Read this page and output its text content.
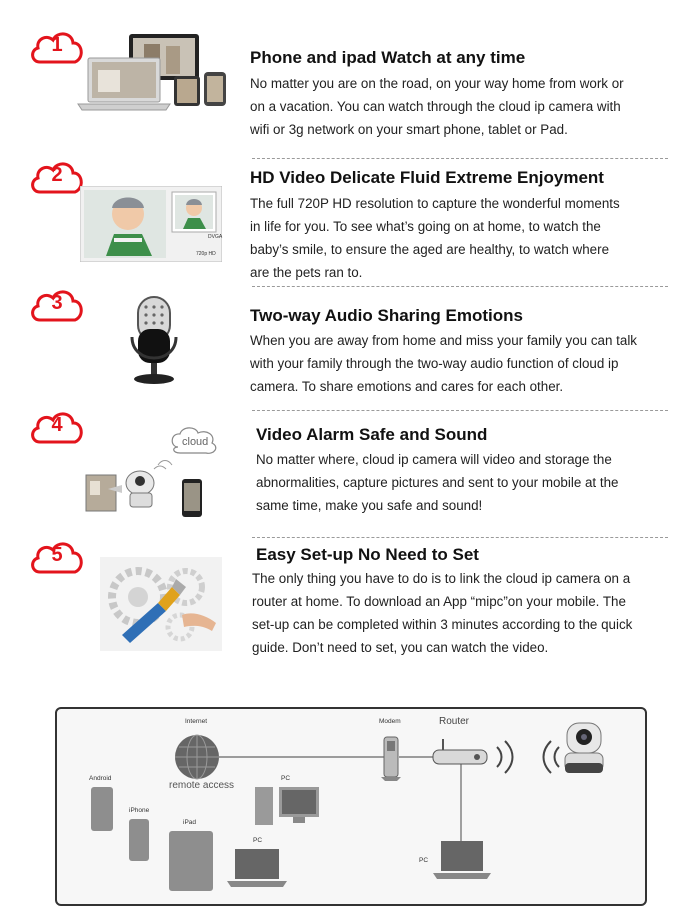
1
Phone and ipad Watch at any time
No matter you are on the road, on your way home from work or
on a vacation. You can watch through the cloud ip camera with
wifi or 3g network on your smart phone, tablet or Pad.
2
DVGA
720p HD
HD Video Delicate Fluid Extreme Enjoyment
The full 720P HD resolution to capture the wonderful moments
in life for you. To see what’s going on at home, to watch the
baby’s smile, to ensure the aged are healthy, to watch where
are the pets ran to.
3
Two-way Audio Sharing Emotions
When you are away from home and miss your family you can talk
with your family through the two-way audio function of cloud ip
camera. To share emotions and cares for each other.
4
cloud	Video Alarm Safe and Sound
No matter where, cloud ip camera will video and storage the
abnormalities, capture pictures and sent to your mobile at the
same time, make you safe and sound!
5	Easy Set-up No Need to Set
The only thing you have to do is to link the cloud ip camera on a
router at home. To download an App “mipc”on your mobile. The
set-up can be completed within 3 minutes according to the quick
guide. Don’t need to set, you can watch the video.
Internet
remote access
Modem	Router
Android
iPhone
iPad
PC
PC
PC
